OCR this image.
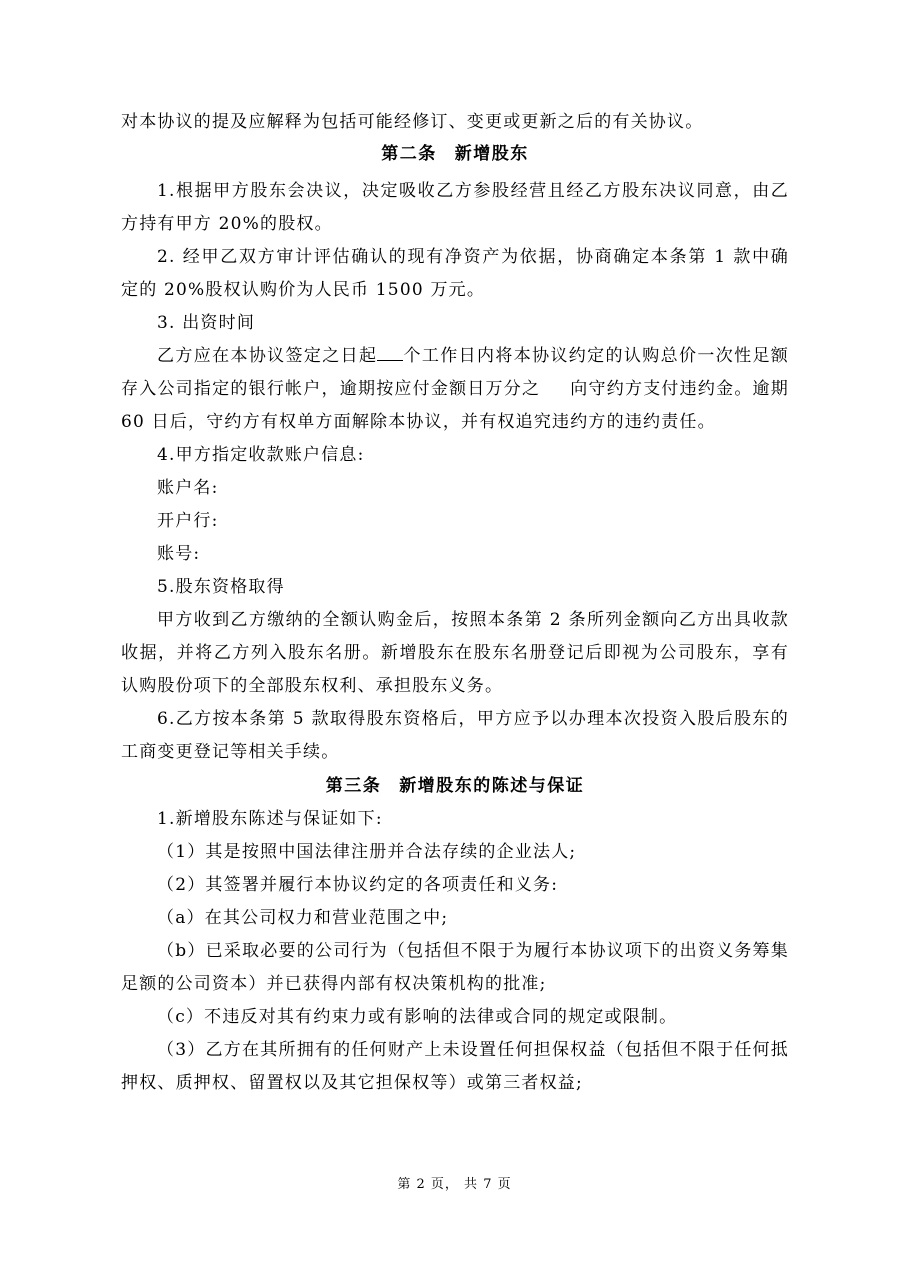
对本协议的提及应解释为包括可能经修订、变更或更新之后的有关协议。
第二条 新增股东

1.根据甲方股东会决议，决定吸收乙方参股经营且经乙方股东决议同意，由乙方持有甲方 20%的股权。

2. 经甲乙双方审计评估确认的现有净资产为依据，协商确定本条第 1 款中确定的 20%股权认购价为人民币 1500 万元。

3. 出资时间

乙方应在本协议签定之日起 个工作日内将本协议约定的认购总价一次性足额存入公司指定的银行帐户，逾期按应付金额日万分之 向守约方支付违约金。逾期 60 日后，守约方有权单方面解除本协议，并有权追究违约方的违约责任。

4.甲方指定收款账户信息:

账户名:

开户行:

账号:

5.股东资格取得

甲方收到乙方缴纳的全额认购金后，按照本条第 2 条所列金额向乙方出具收款收据，并将乙方列入股东名册。新增股东在股东名册登记后即视为公司股东，享有认购股份项下的全部股东权利、承担股东义务。

6.乙方按本条第 5 款取得股东资格后，甲方应予以办理本次投资入股后股东的工商变更登记等相关手续。

第三条 新增股东的陈述与保证

1.新增股东陈述与保证如下:

（1）其是按照中国法律注册并合法存续的企业法人;

（2）其签署并履行本协议约定的各项责任和义务:

（a）在其公司权力和营业范围之中;

（b）已采取必要的公司行为（包括但不限于为履行本协议项下的出资义务筹集足额的公司资本）并已获得内部有权决策机构的批准;

（c）不违反对其有约束力或有影响的法律或合同的规定或限制。

（3）乙方在其所拥有的任何财产上未设置任何担保权益（包括但不限于任何抵押权、质押权、留置权以及其它担保权等）或第三者权益;

第 2 页， 共 7 页
